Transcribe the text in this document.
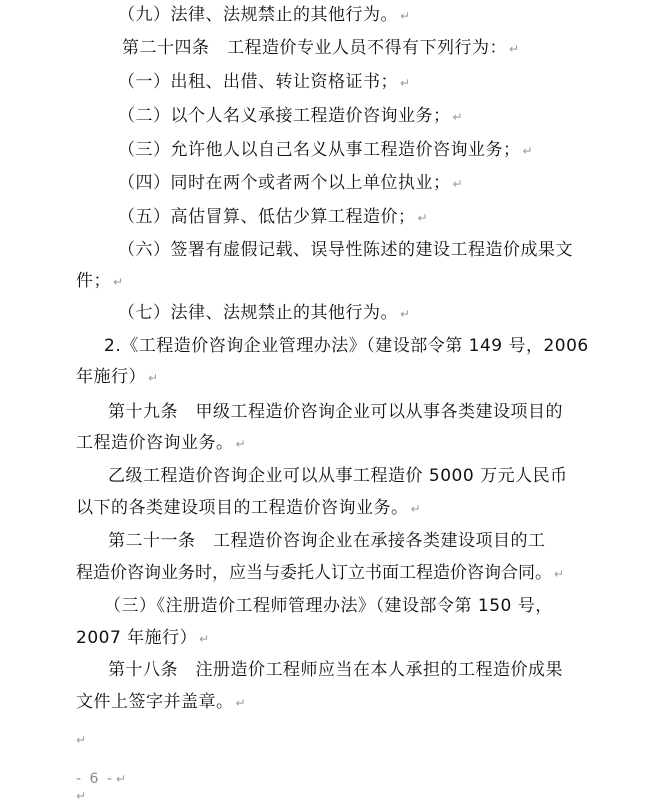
（九）法律、法规禁止的其他行为。 ↵
第二十四条　工程造价专业人员不得有下列行为： ↵
（一）出租、出借、转让资格证书； ↵
（二）以个人名义承接工程造价咨询业务； ↵
（三）允许他人以自己名义从事工程造价咨询业务； ↵
（四）同时在两个或者两个以上单位执业； ↵
（五）高估冒算、低估少算工程造价； ↵
（六）签署有虚假记载、误导性陈述的建设工程造价成果文
件； ↵
（七）法律、法规禁止的其他行为。 ↵
2.《工程造价咨询企业管理办法》（建设部令第 149 号，2006
年施行） ↵
第十九条　甲级工程造价咨询企业可以从事各类建设项目的
工程造价咨询业务。 ↵
乙级工程造价咨询企业可以从事工程造价 5000 万元人民币
以下的各类建设项目的工程造价咨询业务。 ↵
第二十一条　工程造价咨询企业在承接各类建设项目的工
程造价咨询业务时，应当与委托人订立书面工程造价咨询合同。 ↵
（三）《注册造价工程师管理办法》（建设部令第 150 号，
2007 年施行） ↵
第十八条　注册造价工程师应当在本人承担的工程造价成果
文件上签字并盖章。 ↵
↵
- 6 - ↵
↵
